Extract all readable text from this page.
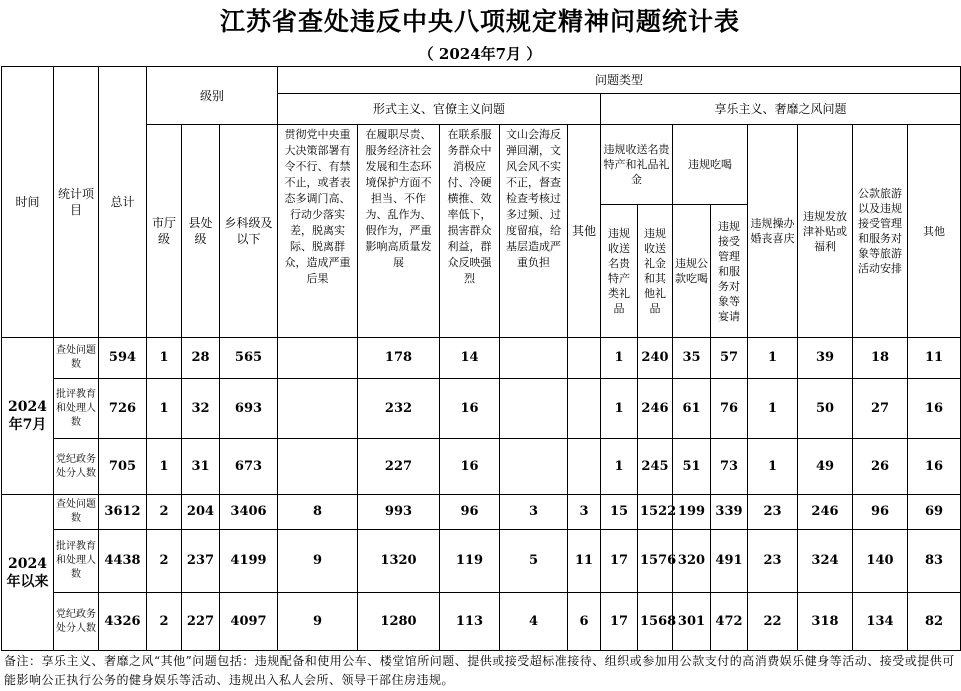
江苏省查处违反中央八项规定精神问题统计表
（ 2024年7月 ）
时间	统计项目	总计	级别			问题类型												
						形式主义、官僚主义问题					享乐主义、奢靡之风问题							
			市厅级	县处级	乡科级及以下	贯彻党中央重大决策部署有令不行、有禁不止，或者表态多调门高、行动少落实差，脱离实际、脱离群众，造成严重后果	在履职尽责、服务经济社会发展和生态环境保护方面不担当、不作为、乱作为、假作为，严重影响高质量发展	在联系服务群众中消极应付、冷硬横推、效率低下，损害群众利益，群众反映强烈	文山会海反弹回潮，文风会风不实不正，督查检查考核过多过频、过度留痕，给基层造成严重负担	其他	违规收送名贵特产和礼品礼金		违规吃喝		违规操办婚丧喜庆	违规发放津补贴或福利	公款旅游以及违规接受管理和服务对象等旅游活动安排	其他
											违规收送名贵特产类礼品	违规收送礼金和其他礼品	违规公款吃喝	违规接受管理和服务对象等宴请				
2024年7月	查处问题数	594	1	28	565		178	14			1	240	35	57	1	39	18	11
	批评教育和处理人数	726	1	32	693		232	16			1	246	61	76	1	50	27	16
	党纪政务处分人数	705	1	31	673		227	16			1	245	51	73	1	49	26	16
2024年以来	查处问题数	3612	2	204	3406	8	993	96	3	3	15	1522	199	339	23	246	96	69
	批评教育和处理人数	4438	2	237	4199	9	1320	119	5	11	17	1576	320	491	23	324	140	83
	党纪政务处分人数	4326	2	227	4097	9	1280	113	4	6	17	1568	301	472	22	318	134	82
备注：享乐主义、奢靡之风“其他”问题包括：违规配备和使用公车、楼堂馆所问题、提供或接受超标准接待、组织或参加用公款支付的高消费娱乐健身等活动、接受或提供可能影响公正执行公务的健身娱乐等活动、违规出入私人会所、领导干部住房违规。
